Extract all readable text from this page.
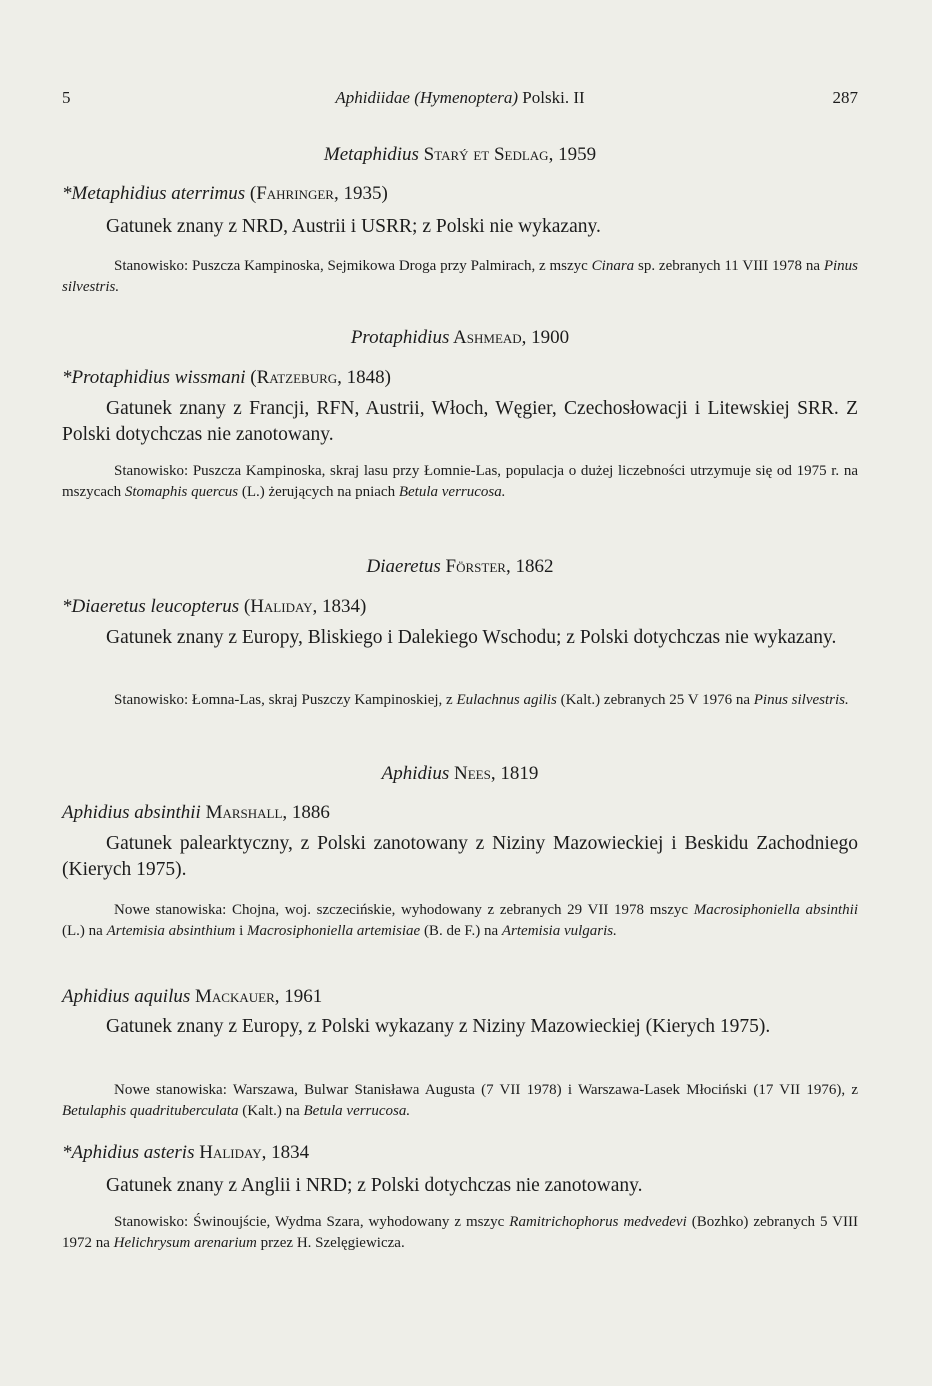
5	Aphidiidae (Hymenoptera) Polski. II	287
Metaphidius Starý et Sedlag, 1959
*Metaphidius aterrimus (Fahringer, 1935)

Gatunek znany z NRD, Austrii i USRR; z Polski nie wykazany.

Stanowisko: Puszcza Kampinoska, Sejmikowa Droga przy Palmirach, z mszyc Cinara sp. zebranych 11 VIII 1978 na Pinus silvestris.

Protaphidius Ashmead, 1900
*Protaphidius wissmani (Ratzeburg, 1848)

Gatunek znany z Francji, RFN, Austrii, Włoch, Węgier, Czechosłowacji i Litewskiej SRR. Z Polski dotychczas nie zanotowany.

Stanowisko: Puszcza Kampinoska, skraj lasu przy Łomnie-Las, populacja o dużej liczebności utrzymuje się od 1975 r. na mszycach Stomaphis quercus (L.) żerujących na pniach Betula verrucosa.

Diaeretus Förster, 1862
*Diaeretus leucopterus (Haliday, 1834)

Gatunek znany z Europy, Bliskiego i Dalekiego Wschodu; z Polski dotychczas nie wykazany.

Stanowisko: Łomna-Las, skraj Puszczy Kampinoskiej, z Eulachnus agilis (Kalt.) zebranych 25 V 1976 na Pinus silvestris.

Aphidius Nees, 1819
Aphidius absinthii Marshall, 1886

Gatunek palearktyczny, z Polski zanotowany z Niziny Mazowieckiej i Beskidu Zachodniego (Kierych 1975).

Nowe stanowiska: Chojna, woj. szczecińskie, wyhodowany z zebranych 29 VII 1978 mszyc Macrosiphoniella absinthii (L.) na Artemisia absinthium i Macrosiphoniella artemisiae (B. de F.) na Artemisia vulgaris.

Aphidius aquilus Mackauer, 1961

Gatunek znany z Europy, z Polski wykazany z Niziny Mazowieckiej (Kierych 1975).

Nowe stanowiska: Warszawa, Bulwar Stanisława Augusta (7 VII 1978) i Warszawa-Lasek Młociński (17 VII 1976), z Betulaphis quadrituberculata (Kalt.) na Betula verrucosa.

*Aphidius asteris Haliday, 1834

Gatunek znany z Anglii i NRD; z Polski dotychczas nie zanotowany.

Stanowisko: Świnoujście, Wydma Szara, wyhodowany z mszyc Ramitrichophorus medvedevi (Bozhko) zebranych 5 VIII 1972 na Helichrysum arenarium przez H. Szelęgiewicza.
